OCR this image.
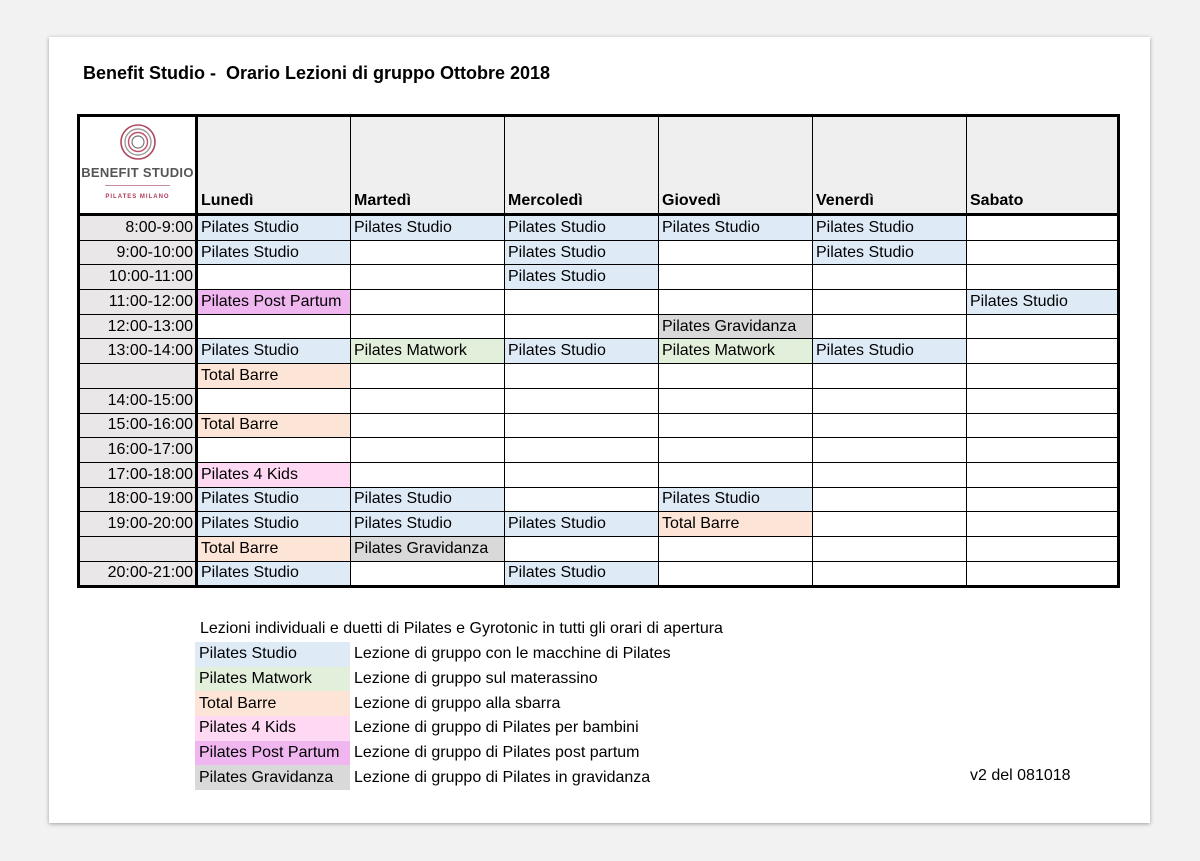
Benefit Studio -  Orario Lezioni di gruppo Ottobre 2018
BENEFIT STUDIO
PILATES MILANO	Lunedì	Martedì	Mercoledì	Giovedì	Venerdì	Sabato
8:00-9:00	Pilates Studio	Pilates Studio	Pilates Studio	Pilates Studio	Pilates Studio	
9:00-10:00	Pilates Studio		Pilates Studio		Pilates Studio	
10:00-11:00			Pilates Studio			
11:00-12:00	Pilates Post Partum					Pilates Studio
12:00-13:00				Pilates Gravidanza		
13:00-14:00	Pilates Studio	Pilates Matwork	Pilates Studio	Pilates Matwork	Pilates Studio	
	Total Barre					
14:00-15:00						
15:00-16:00	Total Barre					
16:00-17:00						
17:00-18:00	Pilates 4 Kids					
18:00-19:00	Pilates Studio	Pilates Studio		Pilates Studio		
19:00-20:00	Pilates Studio	Pilates Studio	Pilates Studio	Total Barre		
	Total Barre	Pilates Gravidanza				
20:00-21:00	Pilates Studio		Pilates Studio			
Lezioni individuali e duetti di Pilates e Gyrotonic in tutti gli orari di apertura
Pilates Studio	Lezione di gruppo con le macchine di Pilates
Pilates Matwork	Lezione di gruppo sul materassino
Total Barre	Lezione di gruppo alla sbarra
Pilates 4 Kids	Lezione di gruppo di Pilates per bambini
Pilates Post Partum	Lezione di gruppo di Pilates post partum
Pilates Gravidanza	Lezione di gruppo di Pilates in gravidanza	v2 del 081018
